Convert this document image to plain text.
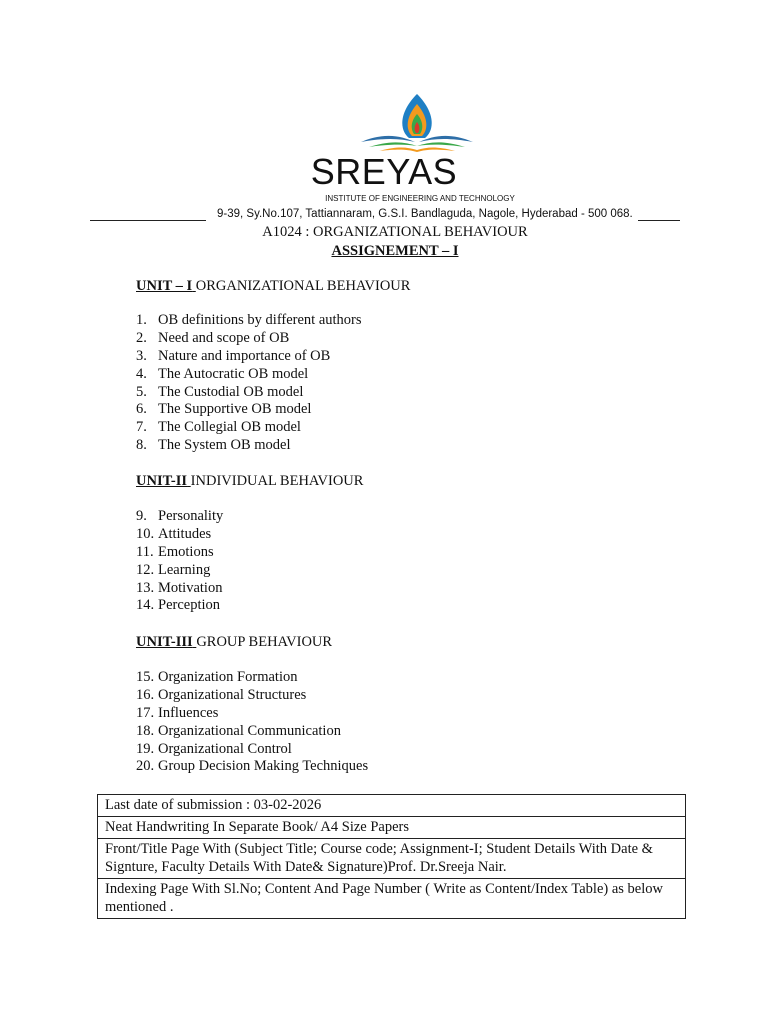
SREYAS
INSTITUTE OF ENGINEERING AND TECHNOLOGY
9-39, Sy.No.107, Tattiannaram, G.S.I. Bandlaguda, Nagole, Hyderabad - 500 068.
A1024 : ORGANIZATIONAL BEHAVIOUR
ASSIGNEMENT – I
UNIT – I ORGANIZATIONAL BEHAVIOUR
1. OB definitions by different authors
2. Need and scope of OB
3. Nature and importance of OB
4. The Autocratic OB model
5. The Custodial OB model
6. The Supportive OB model
7. The Collegial OB model
8. The System OB model
UNIT-II INDIVIDUAL BEHAVIOUR
9. Personality
10. Attitudes
11. Emotions
12. Learning
13. Motivation
14. Perception
UNIT-III GROUP BEHAVIOUR
15. Organization Formation
16. Organizational Structures
17. Influences
18. Organizational Communication
19. Organizational Control
20. Group Decision Making Techniques
Last date of submission : 03-02-2026
Neat Handwriting In Separate Book/ A4 Size Papers
Front/Title Page With (Subject Title; Course code; Assignment-I; Student Details With Date & Signture, Faculty Details With Date& Signature)Prof. Dr.Sreeja Nair.
Indexing Page With Sl.No; Content And Page Number ( Write as Content/Index Table) as below mentioned .
